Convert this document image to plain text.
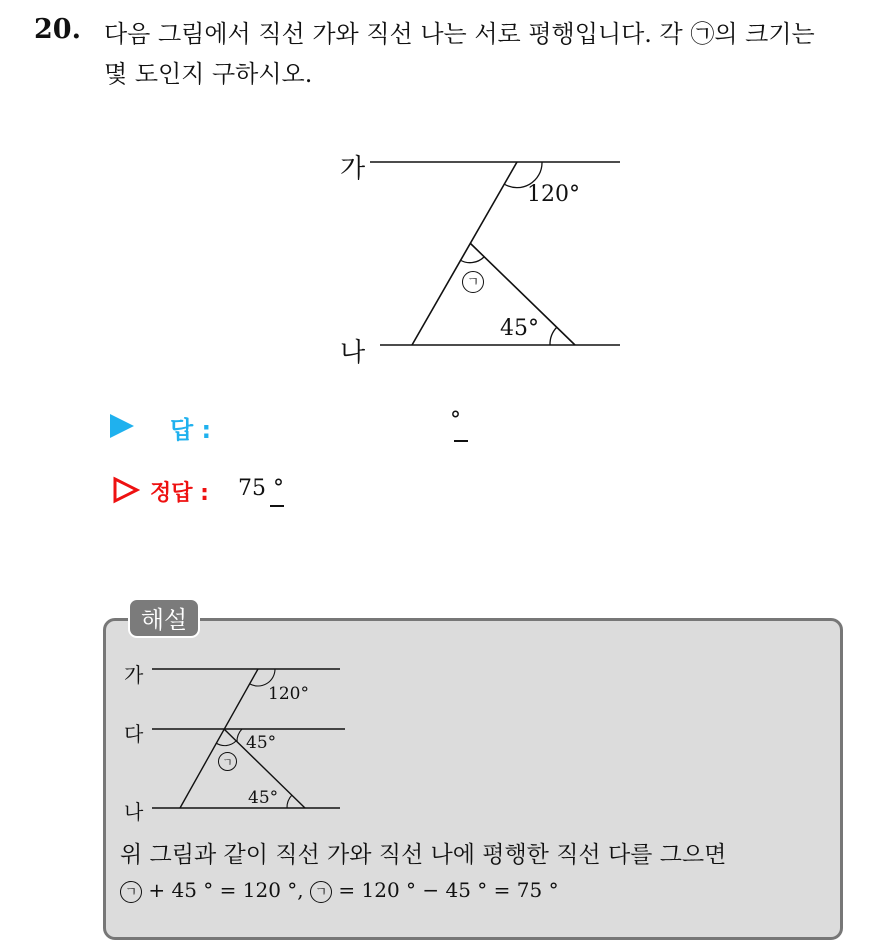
20. 다음 그림에서 직선 가와 직선 나는 서로 평행입니다. 각 ㉠의 크기는
몇 도인지 구하시오.
가
나
120°
45°
ㄱ
답 :	°
정답 : 75 °
해설
가
다
나
120°
45°
45°
ㄱ
위 그림과 같이 직선 가와 직선 나에 평행한 직선 다를 그으면
ㄱ + 45 ° = 120 °, ㄱ = 120 ° − 45 ° = 75 °
